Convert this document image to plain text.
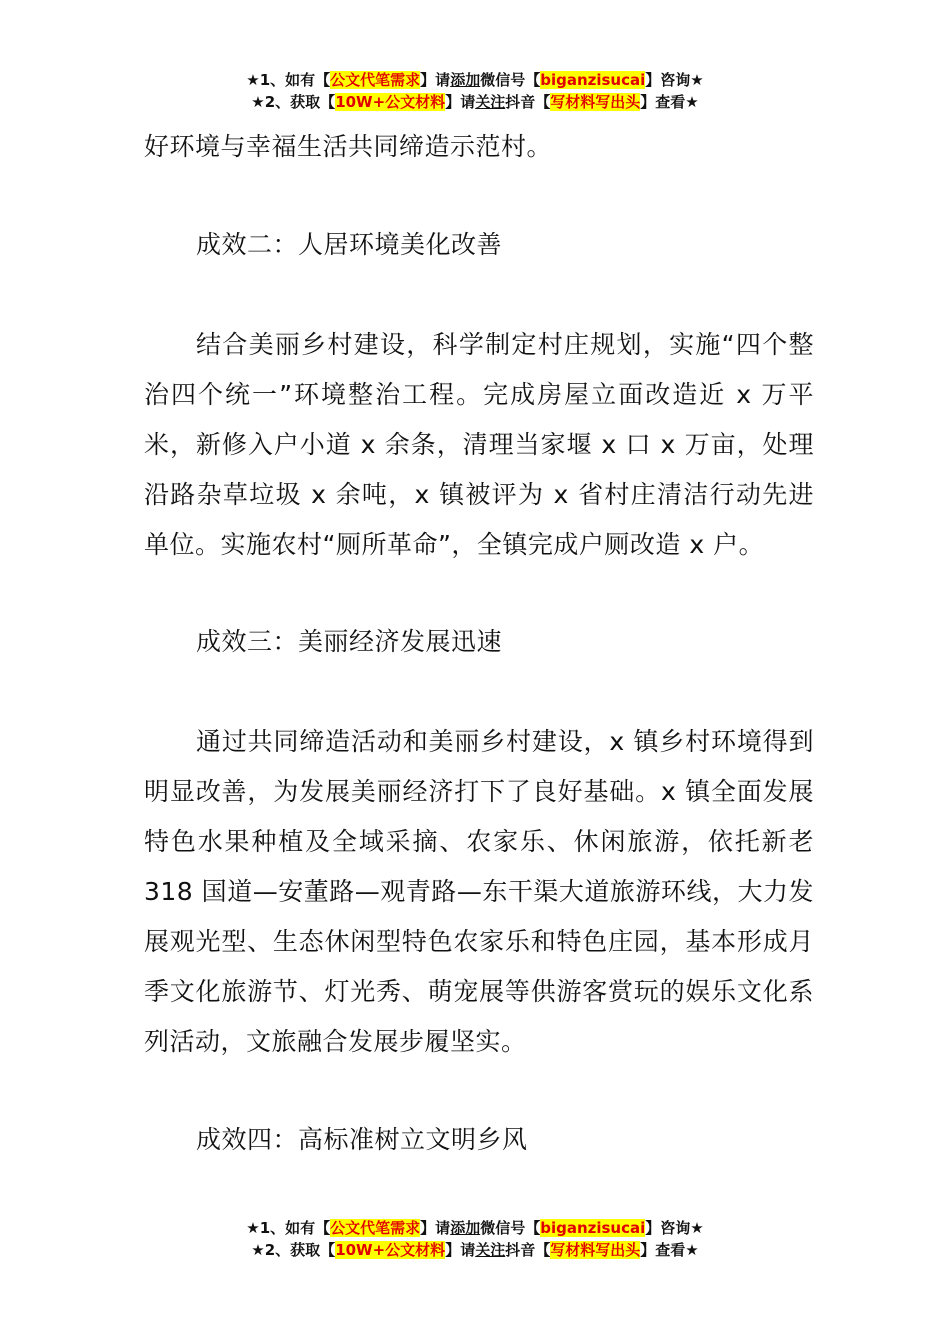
★1、如有【公文代笔需求】请添加微信号【biganzisucai】咨询★
★2、获取【10W+公文材料】请关注抖音【写材料写出头】查看★

好环境与幸福生活共同缔造示范村。

成效二：人居环境美化改善

结合美丽乡村建设，科学制定村庄规划，实施“四个整治四个统一”环境整治工程。完成房屋立面改造近 x 万平米，新修入户小道 x 余条，清理当家堰 x 口 x 万亩，处理沿路杂草垃圾 x 余吨，x 镇被评为 x 省村庄清洁行动先进单位。实施农村“厕所革命”，全镇完成户厕改造 x 户。

成效三：美丽经济发展迅速

通过共同缔造活动和美丽乡村建设，x 镇乡村环境得到明显改善，为发展美丽经济打下了良好基础。x 镇全面发展特色水果种植及全域采摘、农家乐、休闲旅游，依托新老 318 国道—安董路—观青路—东干渠大道旅游环线，大力发展观光型、生态休闲型特色农家乐和特色庄园，基本形成月季文化旅游节、灯光秀、萌宠展等供游客赏玩的娱乐文化系列活动，文旅融合发展步履坚实。

成效四：高标准树立文明乡风

★1、如有【公文代笔需求】请添加微信号【biganzisucai】咨询★
★2、获取【10W+公文材料】请关注抖音【写材料写出头】查看★
